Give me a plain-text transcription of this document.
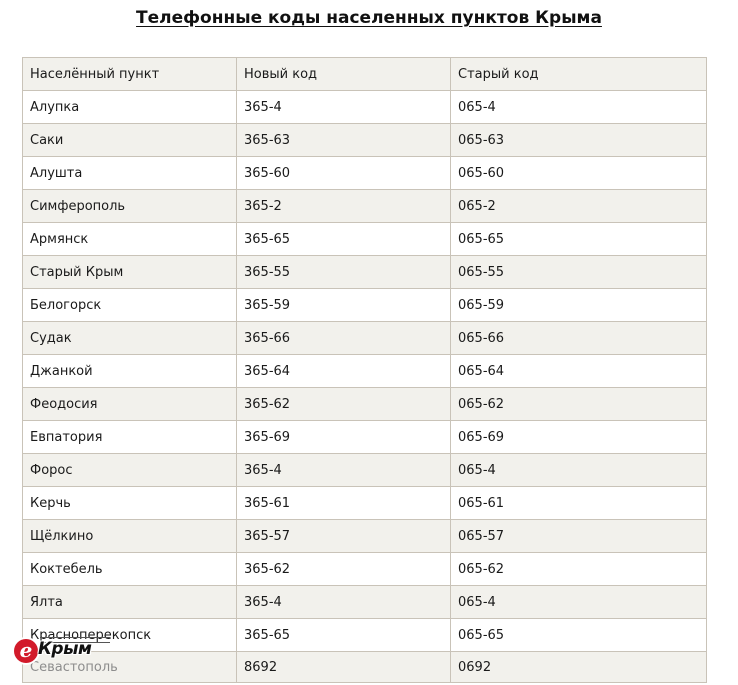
Телефонные коды населенных пунктов Крыма
Населённый пункт	Новый код	Старый код
Алупка	365-4	065-4
Саки	365-63	065-63
Алушта	365-60	065-60
Симферополь	365-2	065-2
Армянск	365-65	065-65
Старый Крым	365-55	065-55
Белогорск	365-59	065-59
Судак	365-66	065-66
Джанкой	365-64	065-64
Феодосия	365-62	065-62
Евпатория	365-69	065-69
Форос	365-4	065-4
Керчь	365-61	065-61
Щёлкино	365-57	065-57
Коктебель	365-62	065-62
Ялта	365-4	065-4
Красноперекопск	365-65	065-65
Севастополь	8692	0692
e Крым
